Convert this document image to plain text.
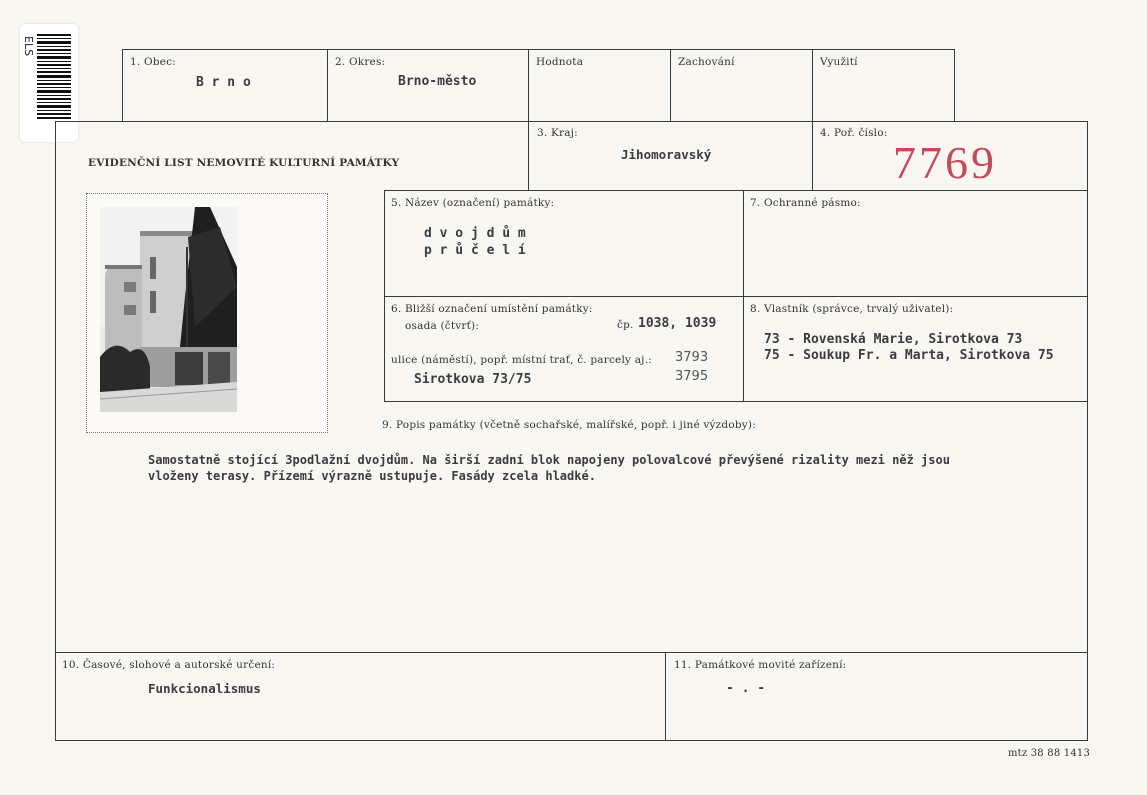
ELS
1. Obec:
B r n o
2. Okres:
Brno-město
Hodnota	Zachování	Využití
EVIDENČNÍ LIST NEMOVITÉ KULTURNÍ PAMÁTKY
3. Kraj:
Jihomoravský
4. Poř. číslo:
7769
5. Název (označení) památky:
d v o j d ů m
p r ů č e l í
7. Ochranné pásmo:
6. Bližší označení umístění památky:
osada (čtvrť):	čp. 1038, 1039
ulice (náměstí), popř. místní trať, č. parcely aj.: 3793
3795
Sirotkova 73/75
8. Vlastník (správce, trvalý uživatel):
73 - Rovenská Marie, Sirotkova 73
75 - Soukup Fr. a Marta, Sirotkova 75
9. Popis památky (včetně sochařské, malířské, popř. i jiné výzdoby):
Samostatně stojící 3podlažní dvojdům. Na širší zadní blok napojeny polovalcové převýšené rizality mezi něž jsou
vloženy terasy. Přízemí výrazně ustupuje. Fasády zcela hladké.
10. Časové, slohové a autorské určení:
Funkcionalismus
11. Památkové movité zařízení:
- . -
mtz 38 88 1413
